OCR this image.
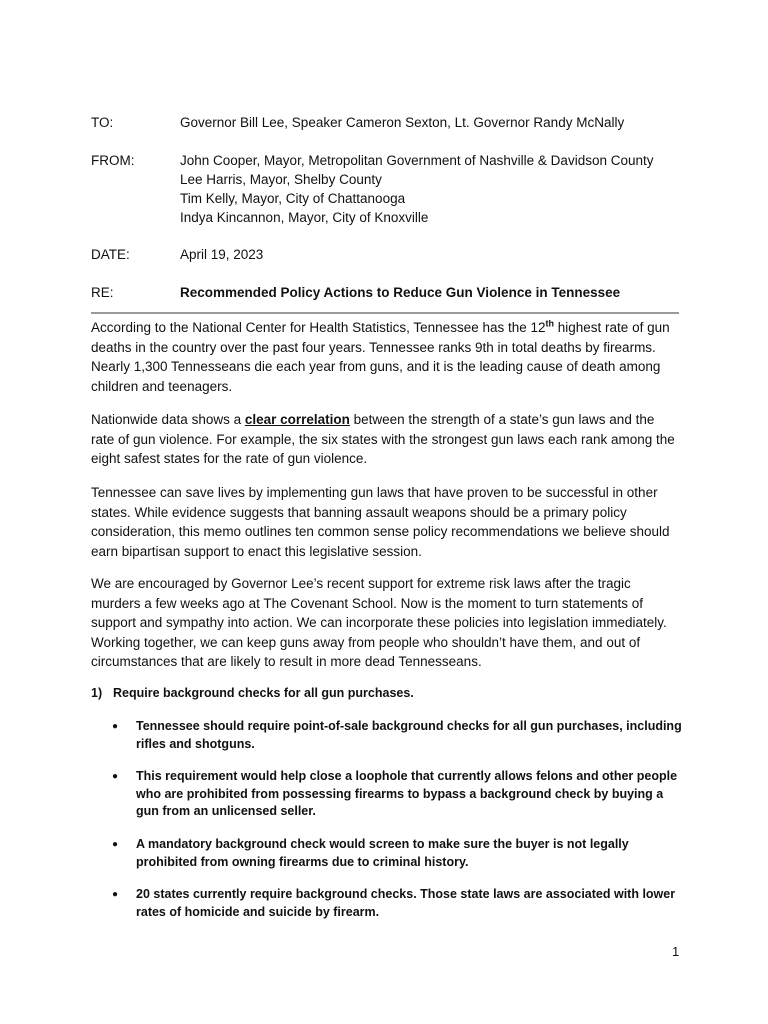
TO:	Governor Bill Lee, Speaker Cameron Sexton, Lt. Governor Randy McNally
FROM:	John Cooper, Mayor, Metropolitan Government of Nashville & Davidson County
Lee Harris, Mayor, Shelby County
Tim Kelly, Mayor, City of Chattanooga
Indya Kincannon, Mayor, City of Knoxville
DATE:	April 19, 2023
RE:	Recommended Policy Actions to Reduce Gun Violence in Tennessee

According to the National Center for Health Statistics, Tennessee has the 12th highest rate of gun deaths in the country over the past four years. Tennessee ranks 9th in total deaths by firearms. Nearly 1,300 Tennesseans die each year from guns, and it is the leading cause of death among children and teenagers.

Nationwide data shows a clear correlation between the strength of a state’s gun laws and the rate of gun violence. For example, the six states with the strongest gun laws each rank among the eight safest states for the rate of gun violence.

Tennessee can save lives by implementing gun laws that have proven to be successful in other states. While evidence suggests that banning assault weapons should be a primary policy consideration, this memo outlines ten common sense policy recommendations we believe should earn bipartisan support to enact this legislative session.

We are encouraged by Governor Lee’s recent support for extreme risk laws after the tragic murders a few weeks ago at The Covenant School. Now is the moment to turn statements of support and sympathy into action. We can incorporate these policies into legislation immediately. Working together, we can keep guns away from people who shouldn’t have them, and out of circumstances that are likely to result in more dead Tennesseans.

1) Require background checks for all gun purchases.

●	Tennessee should require point-of-sale background checks for all gun purchases, including rifles and shotguns.
●	This requirement would help close a loophole that currently allows felons and other people who are prohibited from possessing firearms to bypass a background check by buying a gun from an unlicensed seller.
●	A mandatory background check would screen to make sure the buyer is not legally prohibited from owning firearms due to criminal history.
●	20 states currently require background checks. Those state laws are associated with lower rates of homicide and suicide by firearm.
1
